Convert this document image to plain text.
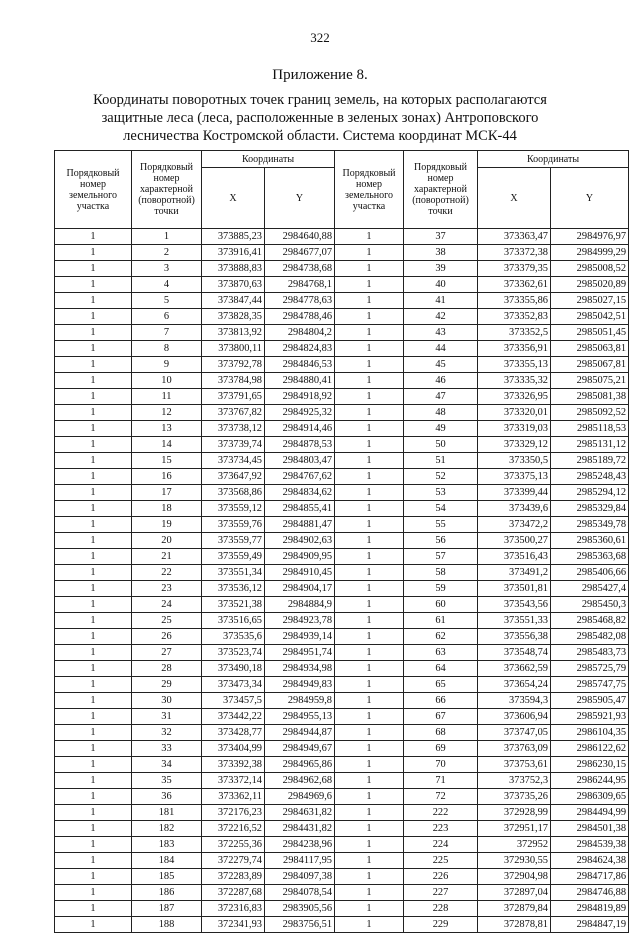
322
Приложение 8.
Координаты поворотных точек границ земель, на которых располагаются защитные леса (леса, расположенные в зеленых зонах) Антроповского лесничества Костромской области. Система координат МСК-44
Порядковый номер земельного участка	Порядковый номер характерной (поворотной) точки	Координаты		Порядковый номер земельного участка	Порядковый номер характерной (поворотной) точки	Координаты	
		X	Y			X	Y
1	1	373885,23	2984640,88	1	37	373363,47	2984976,97
1	2	373916,41	2984677,07	1	38	373372,38	2984999,29
1	3	373888,83	2984738,68	1	39	373379,35	2985008,52
1	4	373870,63	2984768,1	1	40	373362,61	2985020,89
1	5	373847,44	2984778,63	1	41	373355,86	2985027,15
1	6	373828,35	2984788,46	1	42	373352,83	2985042,51
1	7	373813,92	2984804,2	1	43	373352,5	2985051,45
1	8	373800,11	2984824,83	1	44	373356,91	2985063,81
1	9	373792,78	2984846,53	1	45	373355,13	2985067,81
1	10	373784,98	2984880,41	1	46	373335,32	2985075,21
1	11	373791,65	2984918,92	1	47	373326,95	2985081,38
1	12	373767,82	2984925,32	1	48	373320,01	2985092,52
1	13	373738,12	2984914,46	1	49	373319,03	2985118,53
1	14	373739,74	2984878,53	1	50	373329,12	2985131,12
1	15	373734,45	2984803,47	1	51	373350,5	2985189,72
1	16	373647,92	2984767,62	1	52	373375,13	2985248,43
1	17	373568,86	2984834,62	1	53	373399,44	2985294,12
1	18	373559,12	2984855,41	1	54	373439,6	2985329,84
1	19	373559,76	2984881,47	1	55	373472,2	2985349,78
1	20	373559,77	2984902,63	1	56	373500,27	2985360,61
1	21	373559,49	2984909,95	1	57	373516,43	2985363,68
1	22	373551,34	2984910,45	1	58	373491,2	2985406,66
1	23	373536,12	2984904,17	1	59	373501,81	2985427,4
1	24	373521,38	2984884,9	1	60	373543,56	2985450,3
1	25	373516,65	2984923,78	1	61	373551,33	2985468,82
1	26	373535,6	2984939,14	1	62	373556,38	2985482,08
1	27	373523,74	2984951,74	1	63	373548,74	2985483,73
1	28	373490,18	2984934,98	1	64	373662,59	2985725,79
1	29	373473,34	2984949,83	1	65	373654,24	2985747,75
1	30	373457,5	2984959,8	1	66	373594,3	2985905,47
1	31	373442,22	2984955,13	1	67	373606,94	2985921,93
1	32	373428,77	2984944,87	1	68	373747,05	2986104,35
1	33	373404,99	2984949,67	1	69	373763,09	2986122,62
1	34	373392,38	2984965,86	1	70	373753,61	2986230,15
1	35	373372,14	2984962,68	1	71	373752,3	2986244,95
1	36	373362,11	2984969,6	1	72	373735,26	2986309,65
1	181	372176,23	2984631,82	1	222	372928,99	2984494,99
1	182	372216,52	2984431,82	1	223	372951,17	2984501,38
1	183	372255,36	2984238,96	1	224	372952	2984539,38
1	184	372279,74	2984117,95	1	225	372930,55	2984624,38
1	185	372283,89	2984097,38	1	226	372904,98	2984717,86
1	186	372287,68	2984078,54	1	227	372897,04	2984746,88
1	187	372316,83	2983905,56	1	228	372879,84	2984819,89
1	188	372341,93	2983756,51	1	229	372878,81	2984847,19
